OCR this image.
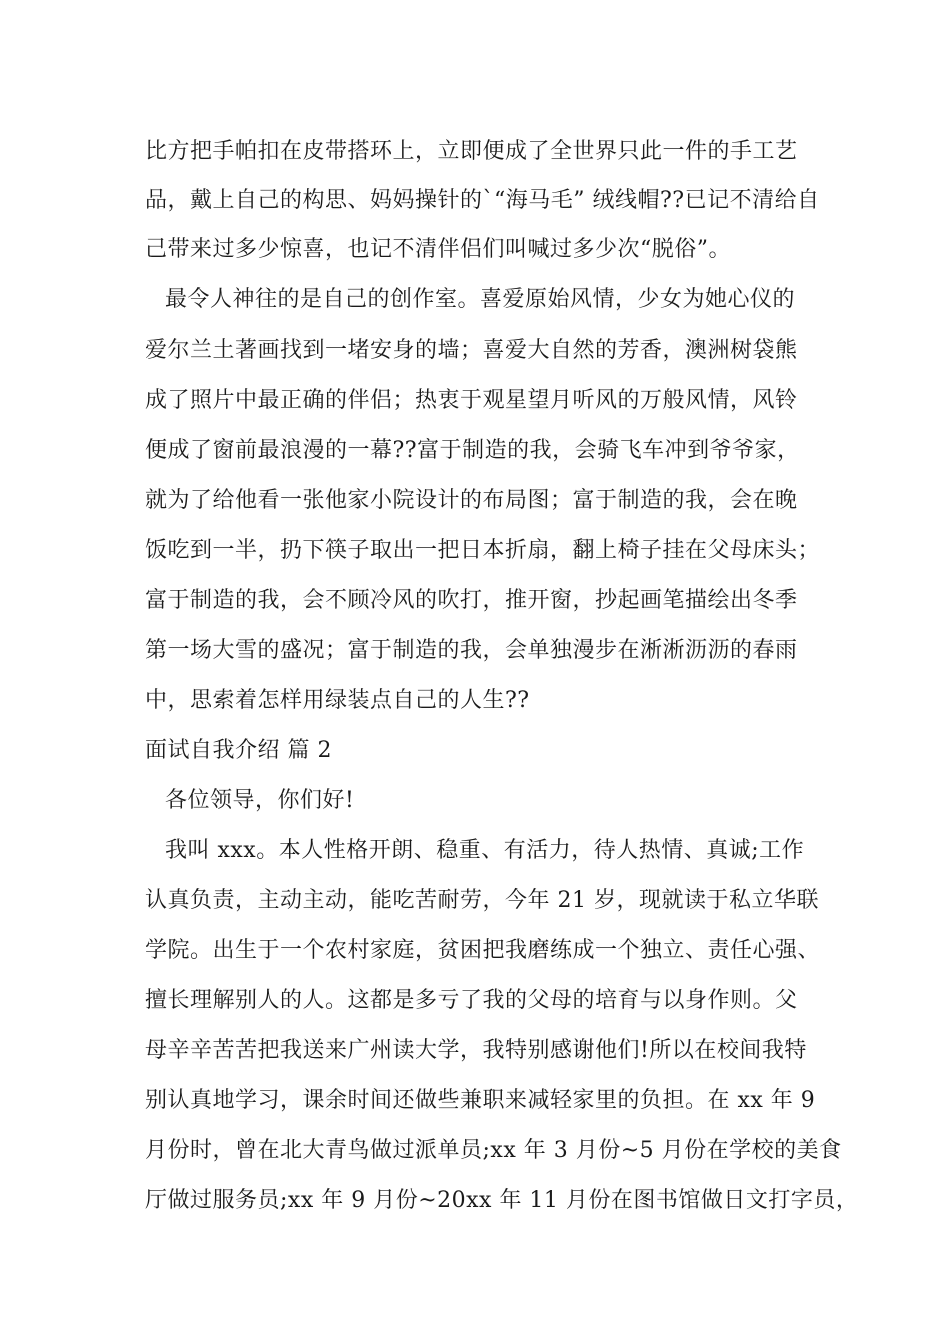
比方把手帕扣在皮带搭环上，立即便成了全世界只此一件的手工艺
品，戴上自己的构思、妈妈操针的`“海马毛” 绒线帽??已记不清给自
己带来过多少惊喜，也记不清伴侣们叫喊过多少次“脱俗”。
最令人神往的是自己的创作室。喜爱原始风情，少女为她心仪的
爱尔兰土著画找到一堵安身的墙；喜爱大自然的芳香，澳洲树袋熊
成了照片中最正确的伴侣；热衷于观星望月听风的万般风情，风铃
便成了窗前最浪漫的一幕??富于制造的我，会骑飞车冲到爷爷家，
就为了给他看一张他家小院设计的布局图；富于制造的我，会在晚
饭吃到一半，扔下筷子取出一把日本折扇，翻上椅子挂在父母床头；
富于制造的我，会不顾冷风的吹打，推开窗，抄起画笔描绘出冬季
第一场大雪的盛况；富于制造的我，会单独漫步在淅淅沥沥的春雨
中，思索着怎样用绿装点自己的人生??
面试自我介绍 篇 2
各位领导，你们好!
我叫 xxx。本人性格开朗、稳重、有活力，待人热情、真诚;工作
认真负责，主动主动，能吃苦耐劳，今年 21 岁，现就读于私立华联
学院。出生于一个农村家庭，贫困把我磨练成一个独立、责任心强、
擅长理解别人的人。这都是多亏了我的父母的培育与以身作则。父
母辛辛苦苦把我送来广州读大学，我特别感谢他们!所以在校间我特
别认真地学习，课余时间还做些兼职来减轻家里的负担。在 xx 年 9
月份时，曾在北大青鸟做过派单员;xx 年 3 月份~5 月份在学校的美食
厅做过服务员;xx 年 9 月份~20xx 年 11 月份在图书馆做日文打字员，
